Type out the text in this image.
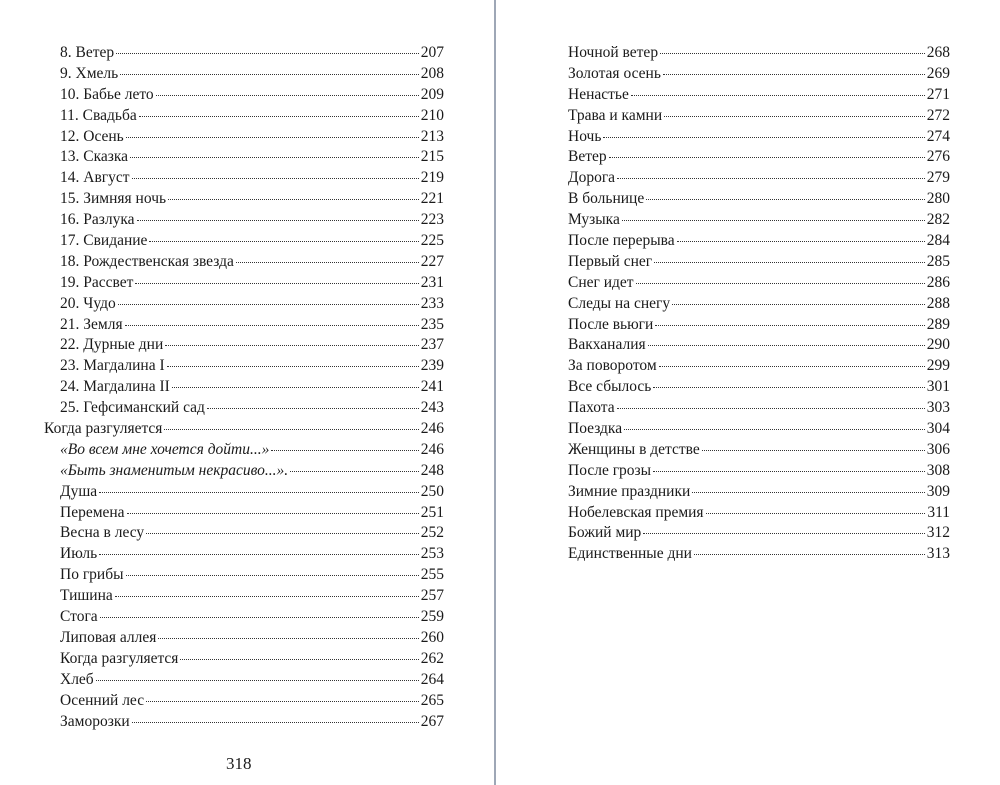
8. Ветер	207
9. Хмель	208
10. Бабье лето	209
11. Свадьба	210
12. Осень	213
13. Сказка	215
14. Август	219
15. Зимняя ночь	221
16. Разлука	223
17. Свидание	225
18. Рождественская звезда	227
19. Рассвет	231
20. Чудо	233
21. Земля	235
22. Дурные дни	237
23. Магдалина I	239
24. Магдалина II	241
25. Гефсиманский сад	243
Когда разгуляется	246
«Во всем мне хочется дойти...»	246
«Быть знаменитым некрасиво...».	248
Душа	250
Перемена	251
Весна в лесу	252
Июль	253
По грибы	255
Тишина	257
Стога	259
Липовая аллея	260
Когда разгуляется	262
Хлеб	264
Осенний лес	265
Заморозки	267
318
Ночной ветер	268
Золотая осень	269
Ненастье	271
Трава и камни	272
Ночь	274
Ветер	276
Дорога	279
В больнице	280
Музыка	282
После перерыва	284
Первый снег	285
Снег идет	286
Следы на снегу	288
После вьюги	289
Вакханалия	290
За поворотом	299
Все сбылось	301
Пахота	303
Поездка	304
Женщины в детстве	306
После грозы	308
Зимние праздники	309
Нобелевская премия	311
Божий мир	312
Единственные дни	313
